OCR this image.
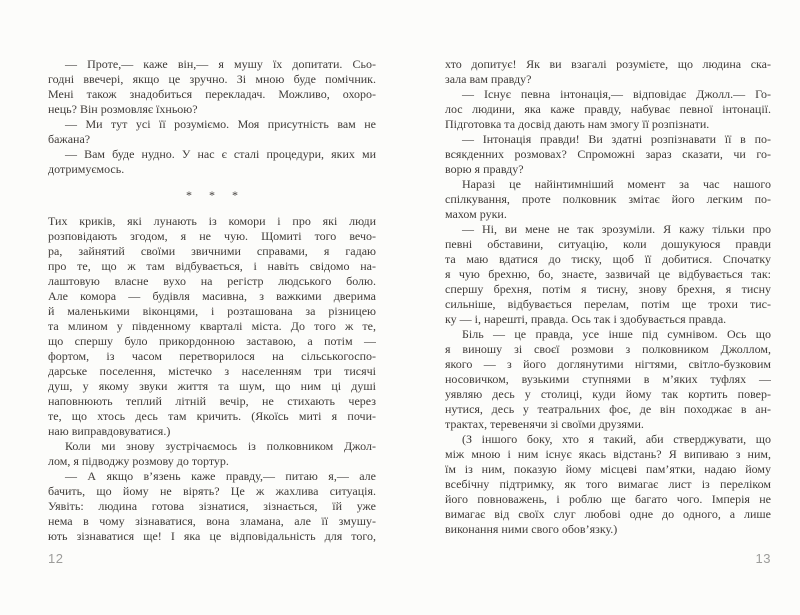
— Проте,— каже він,— я мушу їх допитати. Сьо-
годні ввечері, якщо це зручно. Зі мною буде помічник.
Мені також знадобиться перекладач. Можливо, охоро-
нець? Він розмовляє їхньою?
— Ми тут усі її розуміємо. Моя присутність вам не
бажана?
— Вам буде нудно. У нас є сталі процедури, яких ми
дотримуємось.
* * *
Тих криків, які лунають із комори і про які люди
розповідають згодом, я не чую. Щомиті того вечо-
ра, зайнятий своїми звичними справами, я гадаю
про те, що ж там відбувається, і навіть свідомо на-
лаштовую власне вухо на регістр людського болю.
Але комора — будівля масивна, з важкими дверима
й маленькими віконцями, і розташована за різницею
та млином у південному кварталі міста. До того ж те,
що спершу було прикордонною заставою, а потім —
фортом, із часом перетворилося на сільськогоспо-
дарське поселення, містечко з населенням три тисячі
душ, у якому звуки життя та шум, що ним ці душі
наповнюють теплий літній вечір, не стихають через
те, що хтось десь там кричить. (Якоїсь миті я почи-
наю виправдовуватися.)
Коли ми знову зустрічаємось із полковником Джол-
лом, я підводжу розмову до тортур.
— А якщо в’язень каже правду,— питаю я,— але
бачить, що йому не вірять? Це ж жахлива ситуація.
Уявіть: людина готова зізнатися, зізнається, їй уже
нема в чому зізнаватися, вона зламана, але її змушу-
ють зізнаватися ще! І яка це відповідальність для того,
хто допитує! Як ви взагалі розумієте, що людина ска-
зала вам правду?
— Існує певна інтонація,— відповідає Джолл.— Го-
лос людини, яка каже правду, набуває певної інтонації.
Підготовка та досвід дають нам змогу її розпізнати.
— Інтонація правди! Ви здатні розпізнавати її в по-
всякденних розмовах? Спроможні зараз сказати, чи го-
ворю я правду?
Наразі це найінтимніший момент за час нашого
спілкування, проте полковник змітає його легким по-
махом руки.
— Ні, ви мене не так зрозуміли. Я кажу тільки про
певні обставини, ситуацію, коли дошукуюся правди
та маю вдатися до тиску, щоб її добитися. Спочатку
я чую брехню, бо, знаєте, зазвичай це відбувається так:
спершу брехня, потім я тисну, знову брехня, я тисну
сильніше, відбувається перелам, потім ще трохи тис-
ку — і, нарешті, правда. Ось так і здобувається правда.
Біль — це правда, усе інше під сумнівом. Ось що
я виношу зі своєї розмови з полковником Джоллом,
якого — з його доглянутими нігтями, світло-бузковим
носовичком, вузькими ступнями в м’яких туфлях —
уявляю десь у столиці, куди йому так кортить повер-
нутися, десь у театральних фоє, де він походжає в ан-
трактах, теревенячи зі своїми друзями.
(З іншого боку, хто я такий, аби стверджувати, що
між мною і ним існує якась відстань? Я випиваю з ним,
їм із ним, показую йому місцеві пам’ятки, надаю йому
всебічну підтримку, як того вимагає лист із переліком
його повноважень, і роблю ще багато чого. Імперія не
вимагає від своїх слуг любові одне до одного, а лише
виконання ними свого обов’язку.)
12	13
